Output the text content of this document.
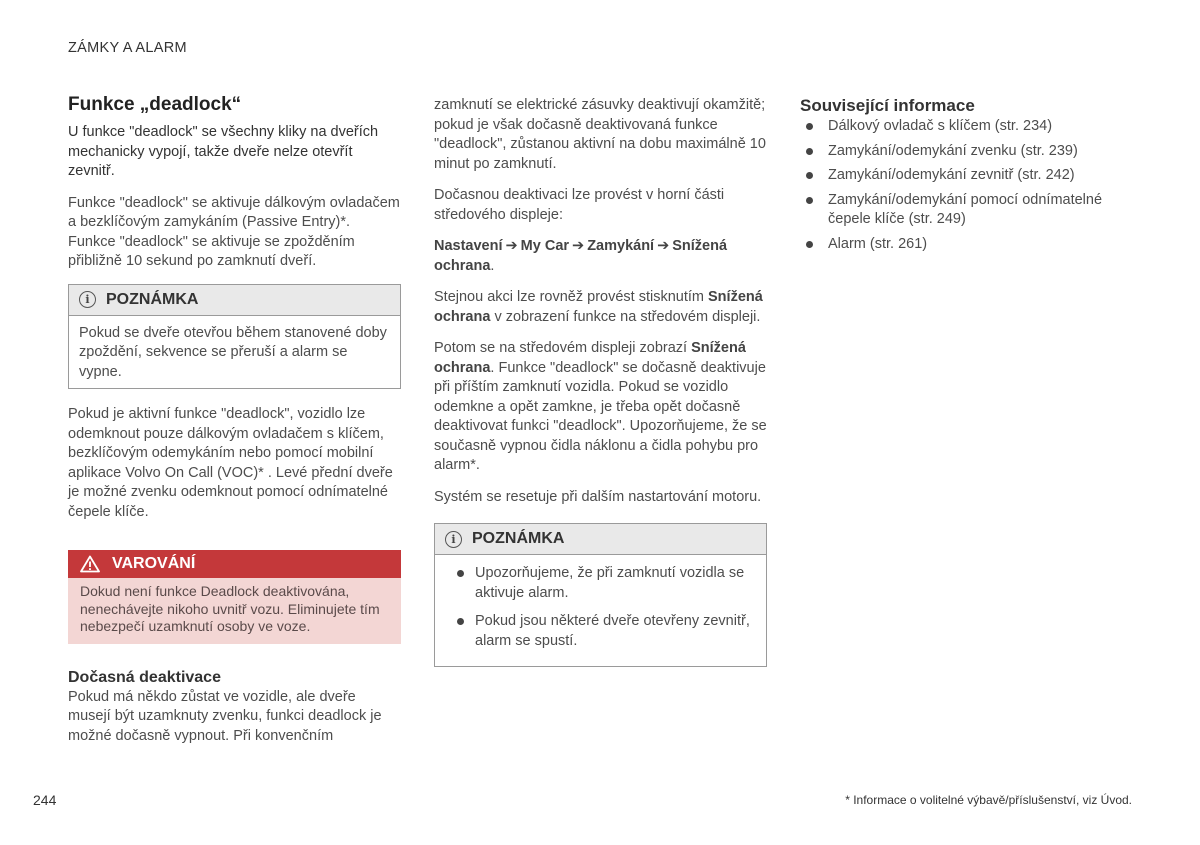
ZÁMKY A ALARM
Funkce „deadlock“

U funkce "deadlock" se všechny kliky na dveřích mechanicky vypojí, takže dveře nelze otevřít zevnitř.

Funkce "deadlock" se aktivuje dálkovým ovladačem a bezklíčovým zamykáním (Passive Entry)*. Funkce "deadlock" se aktivuje se zpožděním přibližně 10 sekund po zamknutí dveří.

i	POZNÁMKA

Pokud se dveře otevřou během stanovené doby zpoždění, sekvence se přeruší a alarm se vypne.

Pokud je aktivní funkce "deadlock", vozidlo lze odemknout pouze dálkovým ovladačem s klíčem, bezklíčovým odemykáním nebo pomocí mobilní aplikace Volvo On Call (VOC)* . Levé přední dveře je možné zvenku odemknout pomocí odnímatelné čepele klíče.

VAROVÁNÍ

Dokud není funkce Deadlock deaktivována, nenechávejte nikoho uvnitř vozu. Eliminujete tím nebezpečí uzamknutí osoby ve voze.

Dočasná deaktivace

Pokud má někdo zůstat ve vozidle, ale dveře musejí být uzamknuty zvenku, funkci deadlock je možné dočasně vypnout. Při konvenčním

zamknutí se elektrické zásuvky deaktivují okamžitě; pokud je však dočasně deaktivovaná funkce "deadlock", zůstanou aktivní na dobu maximálně 10 minut po zamknutí.

Dočasnou deaktivaci lze provést v horní části středového displeje:

Nastavení ➔ My Car ➔ Zamykání ➔ Snížená ochrana.

Stejnou akci lze rovněž provést stisknutím Snížená ochrana v zobrazení funkce na středovém displeji.

Potom se na středovém displeji zobrazí Snížená ochrana. Funkce "deadlock" se dočasně deaktivuje při příštím zamknutí vozidla. Pokud se vozidlo odemkne a opět zamkne, je třeba opět dočasně deaktivovat funkci "deadlock". Upozorňujeme, že se současně vypnou čidla náklonu a čidla pohybu pro alarm*.

Systém se resetuje při dalším nastartování motoru.

i	POZNÁMKA
Upozorňujeme, že při zamknutí vozidla se aktivuje alarm.
Pokud jsou některé dveře otevřeny zevnitř, alarm se spustí.
Související informace
Dálkový ovladač s klíčem (str. 234)
Zamykání/odemykání zvenku (str. 239)
Zamykání/odemykání zevnitř (str. 242)
Zamykání/odemykání pomocí odnímatelné čepele klíče (str. 249)
Alarm (str. 261)
244	* Informace o volitelné výbavě/příslušenství, viz Úvod.
